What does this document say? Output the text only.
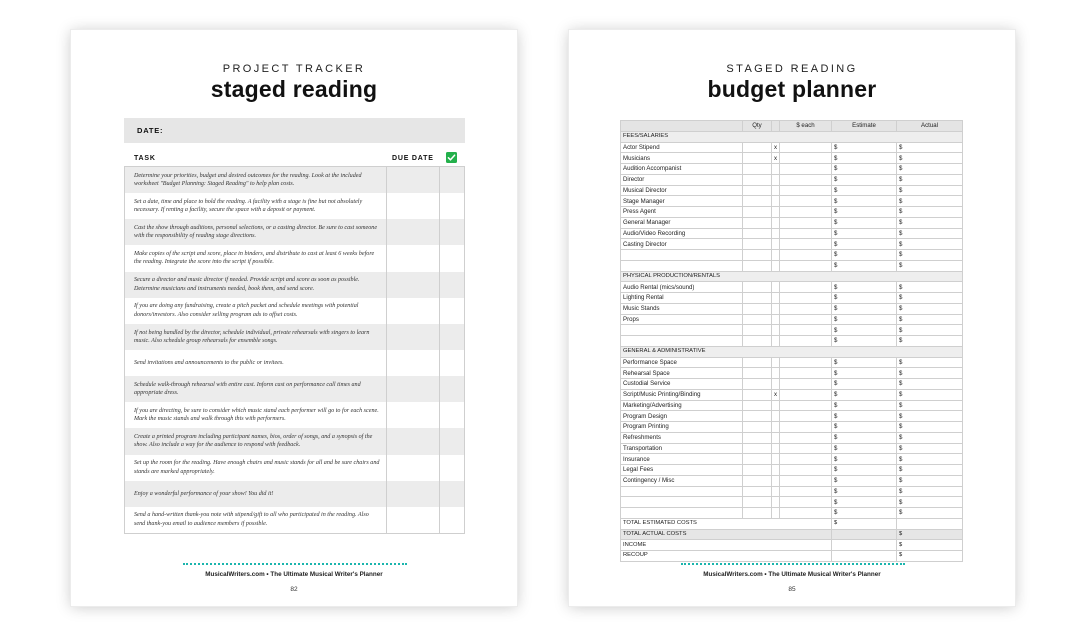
PROJECT TRACKER
staged reading
DATE:
TASK	DUE DATE
Determine your priorities, budget and desired outcomes for the reading. Look at the included worksheet "Budget Planning: Staged Reading" to help plan costs.
Set a date, time and place to hold the reading. A facility with a stage is fine but not absolutely necessary. If renting a facility, secure the space with a deposit or payment.
Cast the show through auditions, personal selections, or a casting director. Be sure to cast someone with the responsibility of reading stage directions.
Make copies of the script and score, place in binders, and distribute to cast at least 6 weeks before the reading. Integrate the score into the script if possible.
Secure a director and music director if needed. Provide script and score as soon as possible. Determine musicians and instruments needed, book them, and send score.
If you are doing any fundraising, create a pitch packet and schedule meetings with potential donors/investors. Also consider selling program ads to offset costs.
If not being handled by the director, schedule individual, private rehearsals with singers to learn music. Also schedule group rehearsals for ensemble songs.
Send invitations and announcements to the public or invitees.
Schedule walk-through rehearsal with entire cast. Inform cast on performance call times and appropriate dress.
If you are directing, be sure to consider which music stand each performer will go to for each scene. Mark the music stands and walk through this with performers.
Create a printed program including participant names, bios, order of songs, and a synopsis of the show. Also include a way for the audience to respond with feedback.
Set up the room for the reading. Have enough chairs and music stands for all and be sure chairs and stands are marked appropriately.
Enjoy a wonderful performance of your show! You did it!
Send a hand-written thank-you note with stipend/gift to all who participated in the reading. Also send thank-you email to audience members if possible.
MusicalWriters.com • The Ultimate Musical Writer's Planner
82
STAGED READING
budget planner
	Qty		$ each	Estimate	Actual
FEES/SALARIES					
Actor Stipend		x		$	$
Musicians		x		$	$
Audition Accompanist				$	$
Director				$	$
Musical Director				$	$
Stage Manager				$	$
Press Agent				$	$
General Manager				$	$
Audio/Video Recording				$	$
Casting Director				$	$
				$	$
				$	$
PHYSICAL PRODUCTION/RENTALS					
Audio Rental (mics/sound)				$	$
Lighting Rental				$	$
Music Stands				$	$
Props				$	$
				$	$
				$	$
GENERAL & ADMINISTRATIVE					
Performance Space				$	$
Rehearsal Space				$	$
Custodial Service				$	$
Script/Music Printing/Binding		x		$	$
Marketing/Advertising				$	$
Program Design				$	$
Program Printing				$	$
Refreshments				$	$
Transportation				$	$
Insurance				$	$
Legal Fees				$	$
Contingency / Misc				$	$
				$	$
				$	$
				$	$
TOTAL ESTIMATED COSTS				$	
TOTAL ACTUAL COSTS					$
INCOME					$
RECOUP					$
MusicalWriters.com • The Ultimate Musical Writer's Planner
85
